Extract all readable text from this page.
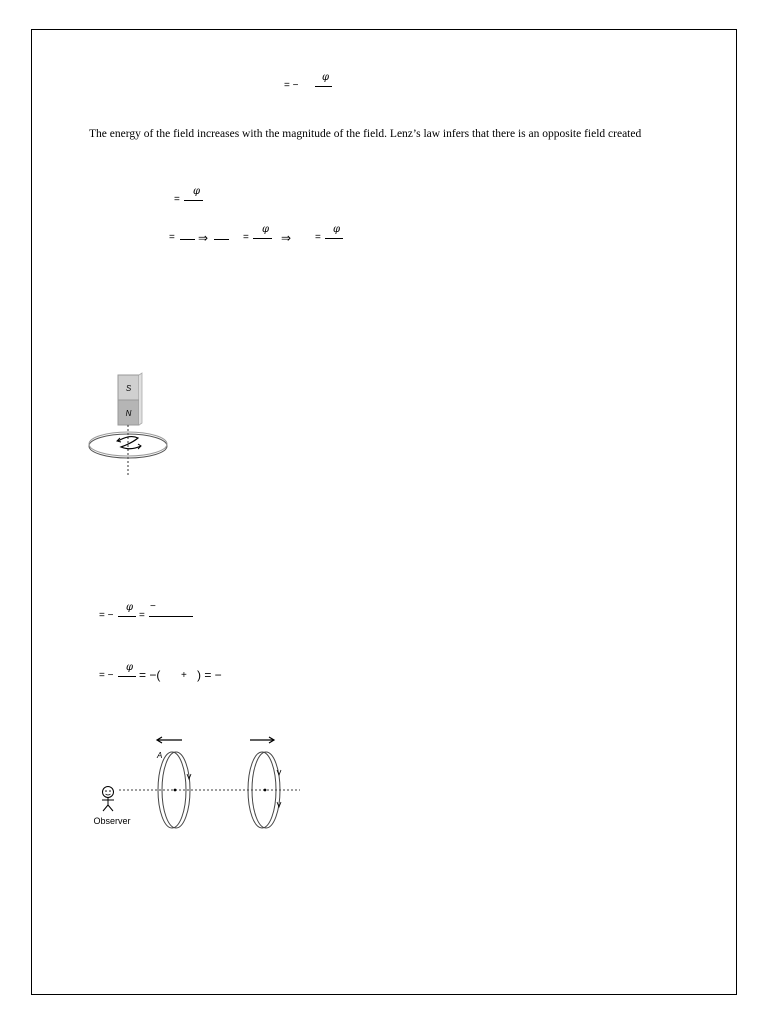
= −
φ
The energy of the field increases with the magnitude of the field. Lenz’s law infers that there is an opposite field created
=
φ
= ⇒	=
φ
⇒ =
φ
S
N
= −
φ
=
−
= −
φ
= −( + ) = −
A
Observer
